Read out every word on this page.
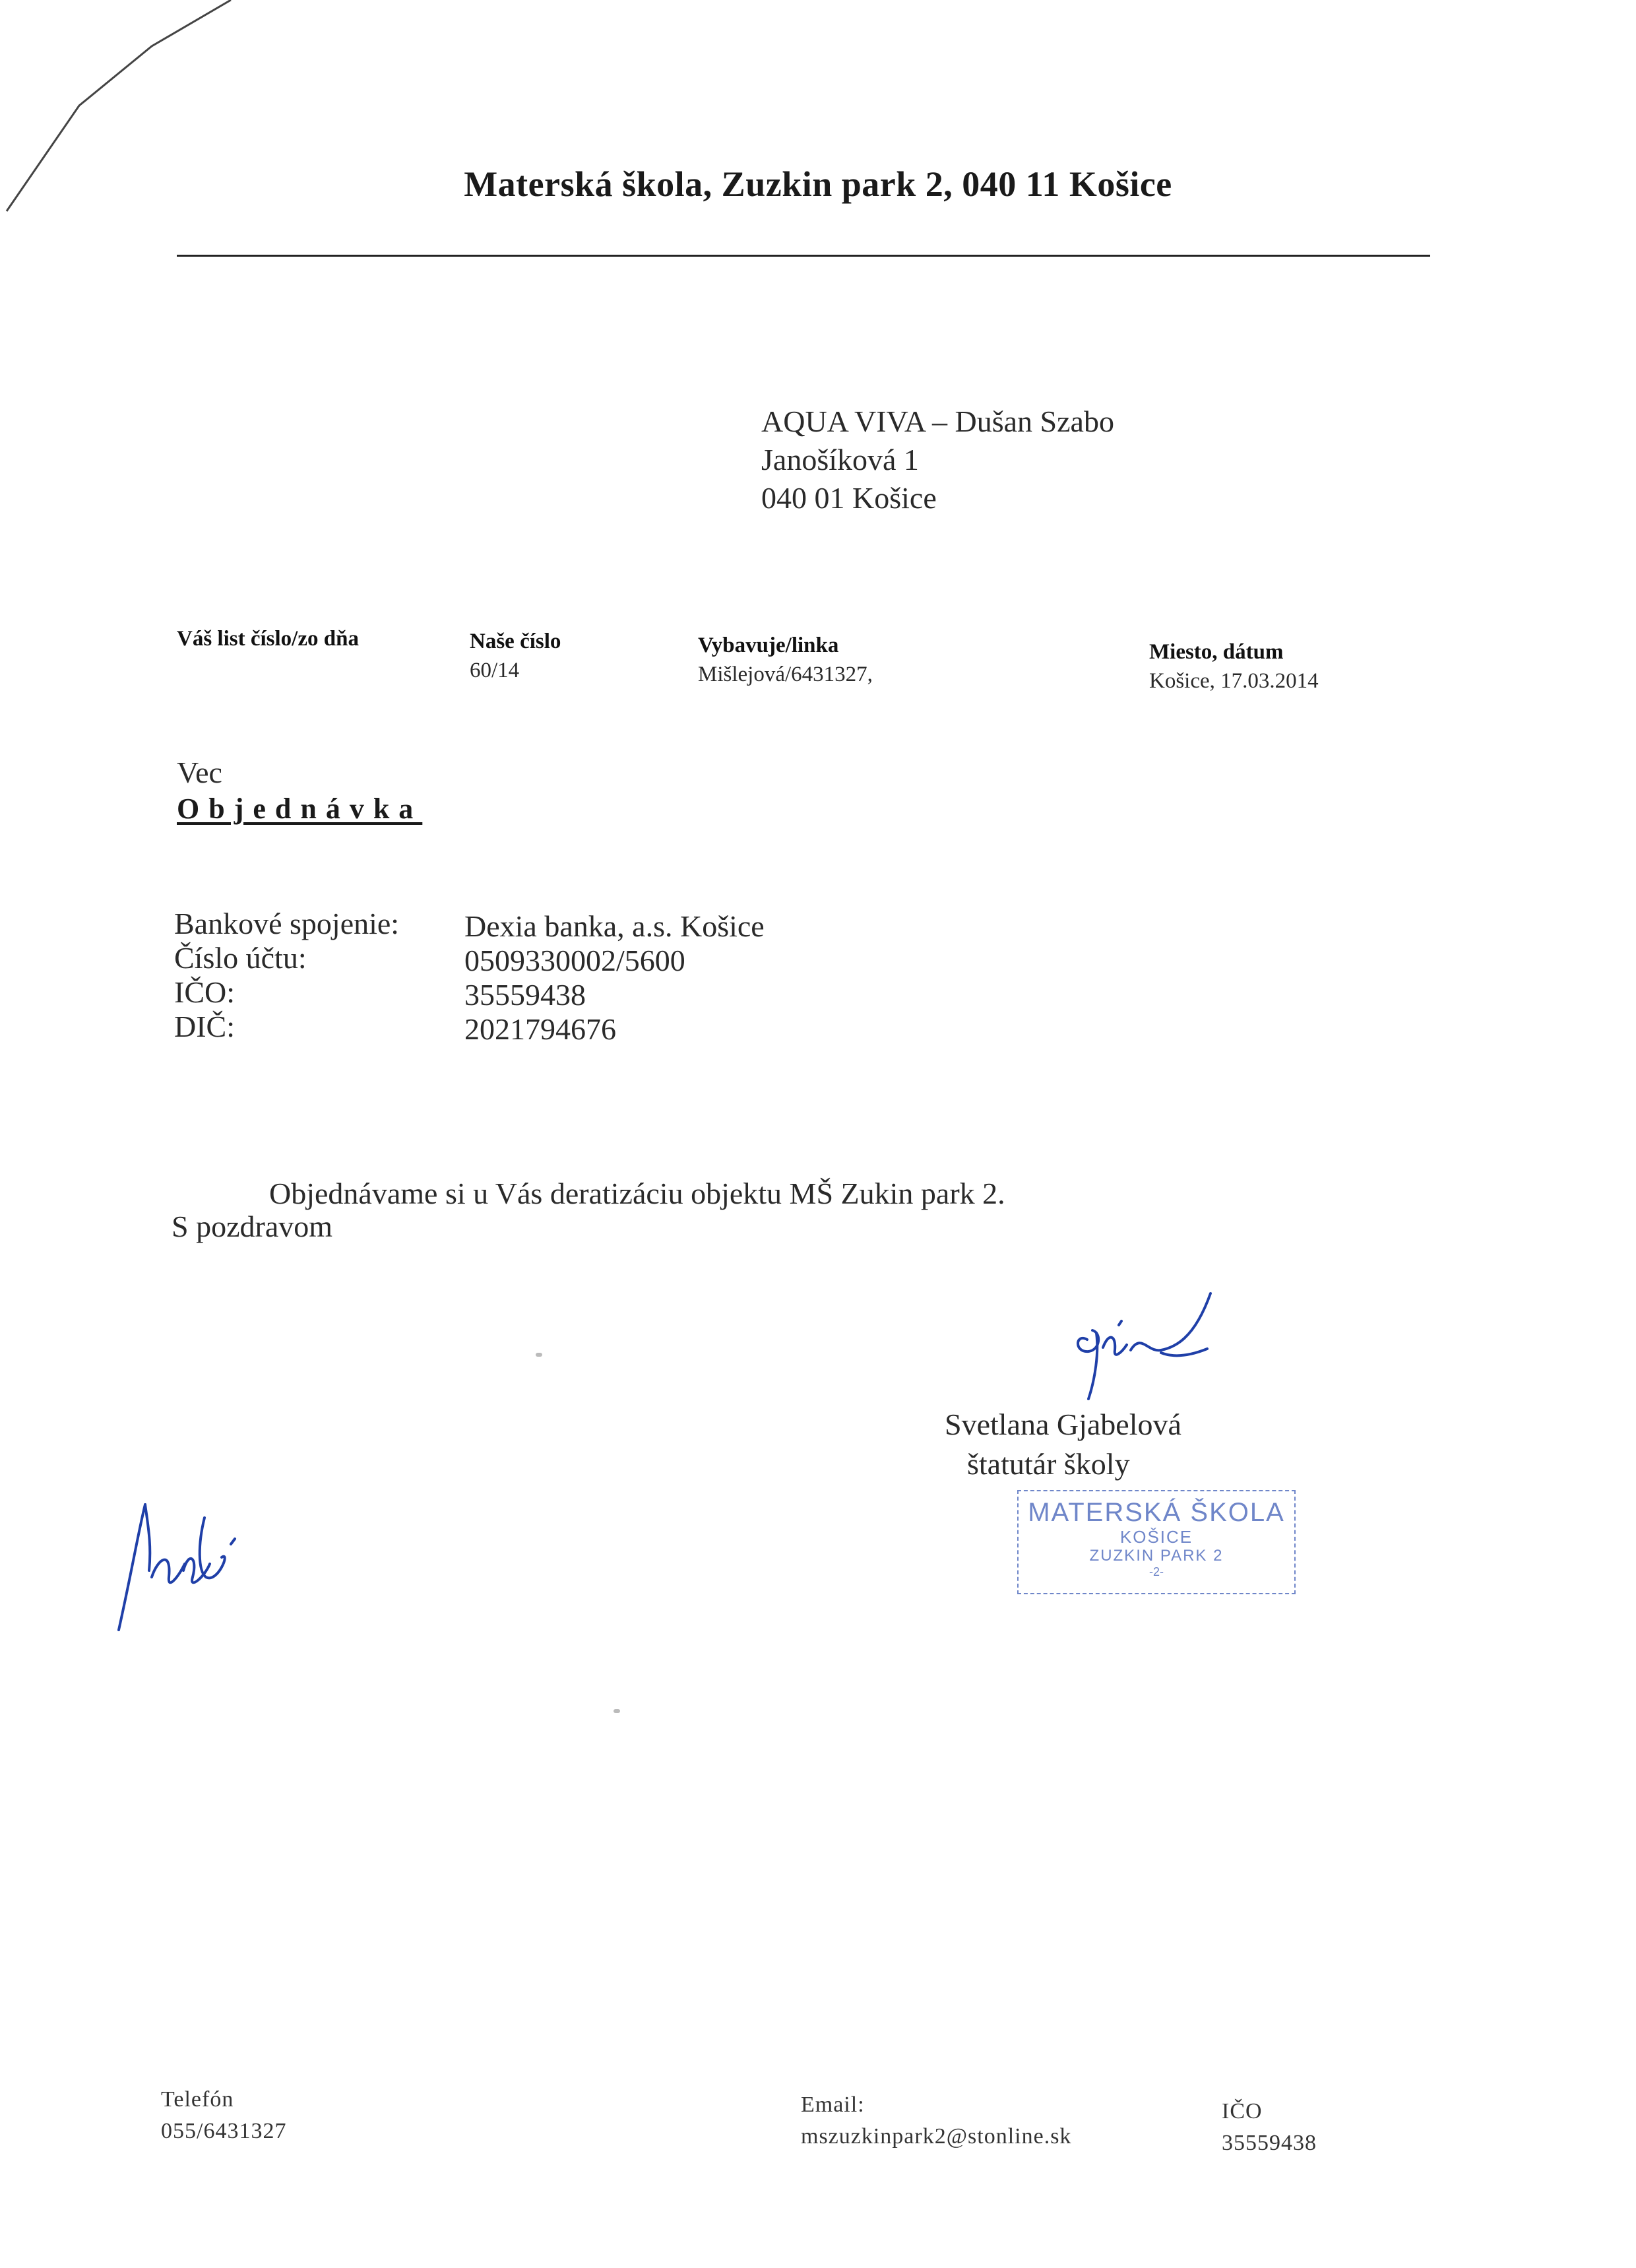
Materská škola, Zuzkin park 2, 040 11 Košice
AQUA VIVA – Dušan Szabo
Janošíková 1
040 01 Košice
Váš list číslo/zo dňa	Naše číslo
60/14
Vybavuje/linka
Mišlejová/6431327,
Miesto, dátum
Košice, 17.03.2014
Vec
Objednávka
Bankové spojenie:
Číslo účtu:
IČO:
DIČ:
Dexia banka, a.s. Košice
0509330002/5600
35559438
2021794676
Objednávame si u Vás deratizáciu objektu MŠ Zukin park 2.
S pozdravom
Svetlana Gjabelová
štatutár školy
MATERSKÁ ŠKOLA
KOŠICE
ZUZKIN PARK 2
-2-
Telefón
055/6431327
Email:
mszuzkinpark2@stonline.sk
IČO
35559438
